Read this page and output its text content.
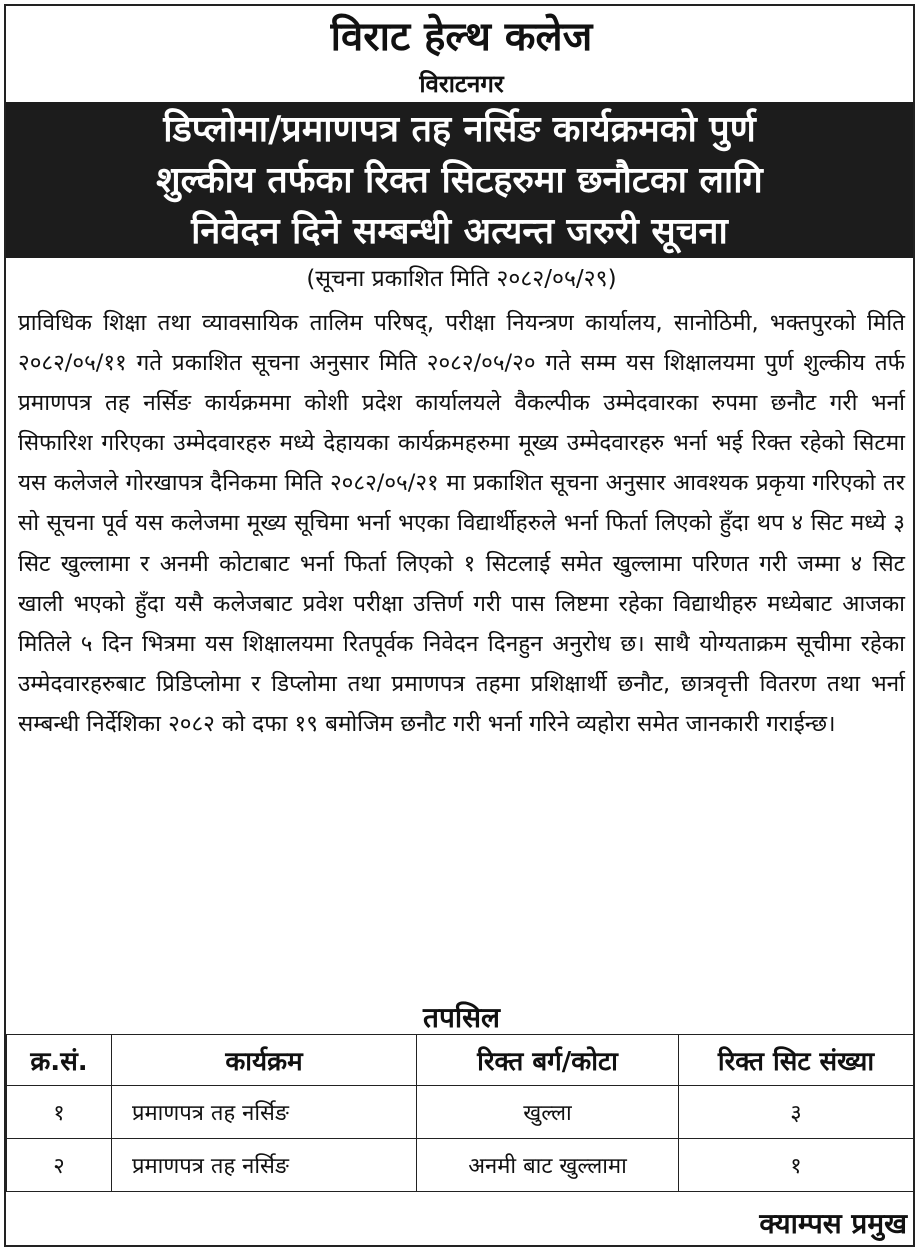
विराट हेल्थ कलेज
विराटनगर
डिप्लोमा/प्रमाणपत्र तह नर्सिङ कार्यक्रमको पुर्ण
शुल्कीय तर्फका रिक्त सिटहरुमा छनौटका लागि
निवेदन दिने सम्बन्धी अत्यन्त जरुरी सूचना
(सूचना प्रकाशित मिति २०८२/०५/२९)

प्राविधिक शिक्षा तथा व्यावसायिक तालिम परिषद्, परीक्षा नियन्त्रण कार्यालय, सानोठिमी, भक्तपुरको मिति २०८२/०५/११ गते प्रकाशित सूचना अनुसार मिति २०८२/०५/२० गते सम्म यस शिक्षालयमा पुर्ण शुल्कीय तर्फ प्रमाणपत्र तह नर्सिङ कार्यक्रममा कोशी प्रदेश कार्यालयले वैकल्पीक उम्मेदवारका रुपमा छनौट गरी भर्ना सिफारिश गरिएका उम्मेदवारहरु मध्ये देहायका कार्यक्रमहरुमा मूख्य उम्मेदवारहरु भर्ना भई रिक्त रहेको सिटमा यस कलेजले गोरखापत्र दैनिकमा मिति २०८२/०५/२१ मा प्रकाशित सूचना अनुसार आवश्यक प्रकृया गरिएको तर सो सूचना पूर्व यस कलेजमा मूख्य सूचिमा भर्ना भएका विद्यार्थीहरुले भर्ना फिर्ता लिएको हुँदा थप ४ सिट मध्ये ३ सिट खुल्लामा र अनमी कोटाबाट भर्ना फिर्ता लिएको १ सिटलाई समेत खुल्लामा परिणत गरी जम्मा ४ सिट खाली भएको हुँदा यसै कलेजबाट प्रवेश परीक्षा उत्तिर्ण गरी पास लिष्टमा रहेका विद्याथीहरु मध्येबाट आजका मितिले ५ दिन भित्रमा यस शिक्षालयमा रितपूर्वक निवेदन दिनहुन अनुरोध छ। साथै योग्यताक्रम सूचीमा रहेका उम्मेदवारहरुबाट प्रिडिप्लोमा र डिप्लोमा तथा प्रमाणपत्र तहमा प्रशिक्षार्थी छनौट, छात्रवृत्ती वितरण तथा भर्ना सम्बन्धी निर्देशिका २०८२ को दफा १९ बमोजिम छनौट गरी भर्ना गरिने व्यहोरा समेत जानकारी गराईन्छ।

तपसिल
क्र.सं.	कार्यक्रम	रिक्त बर्ग/कोटा	रिक्त सिट संख्या
१	प्रमाणपत्र तह नर्सिङ	खुल्ला	३
२	प्रमाणपत्र तह नर्सिङ	अनमी बाट खुल्लामा	१
क्याम्पस प्रमुख
